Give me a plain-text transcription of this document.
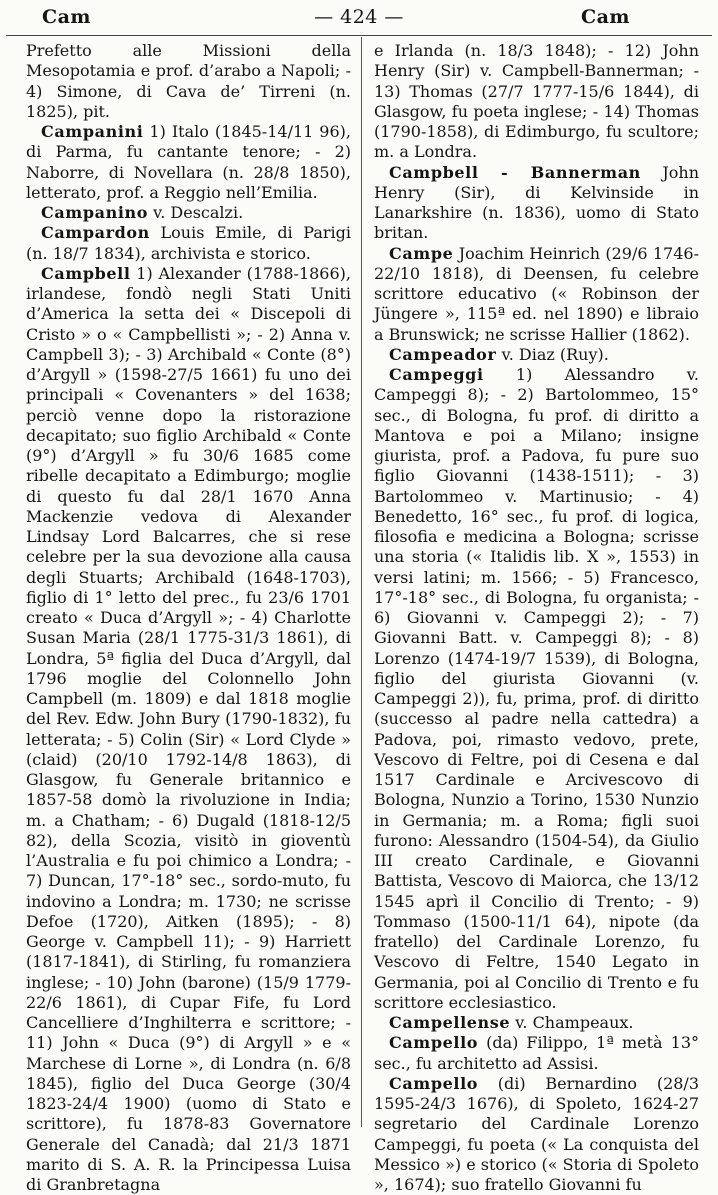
Cam	— 424 —	Cam

Prefetto alle Missioni della Mesopotamia e prof. d’arabo a Napoli; - 4) Simone, di Cava de’ Tirreni (n. 1825), pit.

Campanini 1) Italo (1845-14/11 96), di Parma, fu cantante tenore; - 2) Naborre, di Novellara (n. 28/8 1850), letterato, prof. a Reggio nell’Emilia.

Campanino v. Descalzi.

Campardon Louis Emile, di Parigi (n. 18/7 1834), archivista e storico.

Campbell 1) Alexander (1788-1866), irlandese, fondò negli Stati Uniti d’America la setta dei « Discepoli di Cristo » o « Campbellisti »; - 2) Anna v. Campbell 3); - 3) Archibald « Conte (8°) d’Argyll » (1598-27/5 1661) fu uno dei principali « Covenanters » del 1638; perciò venne dopo la ristorazione decapitato; suo figlio Archibald « Conte (9°) d’Argyll » fu 30/6 1685 come ribelle decapitato a Edimburgo; moglie di questo fu dal 28/1 1670 Anna Mackenzie vedova di Alexander Lindsay Lord Balcarres, che si rese celebre per la sua devozione alla causa degli Stuarts; Archibald (1648-1703), figlio di 1° letto del prec., fu 23/6 1701 creato « Duca d’Argyll »; - 4) Charlotte Susan Maria (28/1 1775-31/3 1861), di Londra, 5ª figlia del Duca d’Argyll, dal 1796 moglie del Colonnello John Campbell (m. 1809) e dal 1818 moglie del Rev. Edw. John Bury (1790-1832), fu letterata; - 5) Colin (Sir) « Lord Clyde » (claid) (20/10 1792-14/8 1863), di Glasgow, fu Generale britannico e 1857-58 domò la rivoluzione in India; m. a Chatham; - 6) Dugald (1818-12/5 82), della Scozia, visitò in gioventù l’Australia e fu poi chimico a Londra; - 7) Duncan, 17°-18° sec., sordo-muto, fu indovino a Londra; m. 1730; ne scrisse Defoe (1720), Aitken (1895); - 8) George v. Campbell 11); - 9) Harriett (1817-1841), di Stirling, fu romanziera inglese; - 10) John (barone) (15/9 1779-22/6 1861), di Cupar Fife, fu Lord Cancelliere d’Inghilterra e scrittore; - 11) John « Duca (9°) di Argyll » e « Marchese di Lorne », di Londra (n. 6/8 1845), figlio del Duca George (30/4 1823-24/4 1900) (uomo di Stato e scrittore), fu 1878-83 Governatore Generale del Canadà; dal 21/3 1871 marito di S. A. R. la Principessa Luisa di Granbretagna

e Irlanda (n. 18/3 1848); - 12) John Henry (Sir) v. Campbell-Bannerman; - 13) Thomas (27/7 1777-15/6 1844), di Glasgow, fu poeta inglese; - 14) Thomas (1790-1858), di Edimburgo, fu scultore; m. a Londra.

Campbell - Bannerman John Henry (Sir), di Kelvinside in Lanarkshire (n. 1836), uomo di Stato britan.

Campe Joachim Heinrich (29/6 1746-22/10 1818), di Deensen, fu celebre scrittore educativo (« Robinson der Jüngere », 115ª ed. nel 1890) e libraio a Brunswick; ne scrisse Hallier (1862).

Campeador v. Diaz (Ruy).

Campeggi 1) Alessandro v. Campeggi 8); - 2) Bartolommeo, 15° sec., di Bologna, fu prof. di diritto a Mantova e poi a Milano; insigne giurista, prof. a Padova, fu pure suo figlio Giovanni (1438-1511); - 3) Bartolommeo v. Martinusio; - 4) Benedetto, 16° sec., fu prof. di logica, filosofia e medicina a Bologna; scrisse una storia (« Italidis lib. X », 1553) in versi latini; m. 1566; - 5) Francesco, 17°-18° sec., di Bologna, fu organista; - 6) Giovanni v. Campeggi 2); - 7) Giovanni Batt. v. Campeggi 8); - 8) Lorenzo (1474-19/7 1539), di Bologna, figlio del giurista Giovanni (v. Campeggi 2)), fu, prima, prof. di diritto (successo al padre nella cattedra) a Padova, poi, rimasto vedovo, prete, Vescovo di Feltre, poi di Cesena e dal 1517 Cardinale e Arcivescovo di Bologna, Nunzio a Torino, 1530 Nunzio in Germania; m. a Roma; figli suoi furono: Alessandro (1504-54), da Giulio III creato Cardinale, e Giovanni Battista, Vescovo di Maiorca, che 13/12 1545 aprì il Concilio di Trento; - 9) Tommaso (1500-11/1 64), nipote (da fratello) del Cardinale Lorenzo, fu Vescovo di Feltre, 1540 Legato in Germania, poi al Concilio di Trento e fu scrittore ecclesiastico.

Campellense v. Champeaux.

Campello (da) Filippo, 1ª metà 13° sec., fu architetto ad Assisi.

Campello (di) Bernardino (28/3 1595-24/3 1676), di Spoleto, 1624-27 segretario del Cardinale Lorenzo Campeggi, fu poeta (« La conquista del Messico ») e storico (« Storia di Spoleto », 1674); suo fratello Giovanni fu
